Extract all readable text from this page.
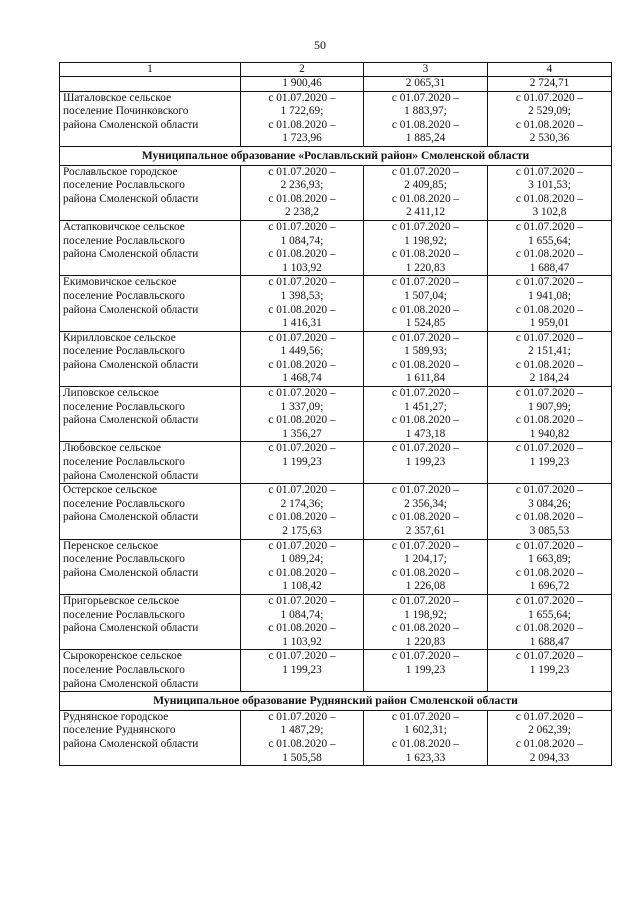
50
1	2	3	4

	1 900,46	2 065,31	2 724,71

Шаталовское сельское
поселение Починковского
района Смоленской области	с 01.07.2020 –
1 722,69;
с 01.08.2020 –
1 723,96	с 01.07.2020 –
1 883,97;
с 01.08.2020 –
1 885,24	с 01.07.2020 –
2 529,09;
с 01.08.2020 –
2 530,36

Муниципальное образование «Рославльский район» Смоленской области			

Рославльское городское
поселение Рославльского
района Смоленской области	с 01.07.2020 –
2 236,93;
с 01.08.2020 –
2 238,2	с 01.07.2020 –
2 409,85;
с 01.08.2020 –
2 411,12	с 01.07.2020 –
3 101,53;
с 01.08.2020 –
3 102,8

Астапковичское сельское
поселение Рославльского
района Смоленской области	с 01.07.2020 –
1 084,74;
с 01.08.2020 –
1 103,92	с 01.07.2020 –
1 198,92;
с 01.08.2020 –
1 220,83	с 01.07.2020 –
1 655,64;
с 01.08.2020 –
1 688,47

Екимовичское сельское
поселение Рославльского
района Смоленской области	с 01.07.2020 –
1 398,53;
с 01.08.2020 –
1 416,31	с 01.07.2020 –
1 507,04;
с 01.08.2020 –
1 524,85	с 01.07.2020 –
1 941,08;
с 01.08.2020 –
1 959,01

Кирилловское сельское
поселение Рославльского
района Смоленской области	с 01.07.2020 –
1 449,56;
с 01.08.2020 –
1 468,74	с 01.07.2020 –
1 589,93;
с 01.08.2020 –
1 611,84	с 01.07.2020 –
2 151,41;
с 01.08.2020 –
2 184,24

Липовское сельское
поселение Рославльского
района Смоленской области	с 01.07.2020 –
1 337,09;
с 01.08.2020 –
1 356,27	с 01.07.2020 –
1 451,27;
с 01.08.2020 –
1 473,18	с 01.07.2020 –
1 907,99;
с 01.08.2020 –
1 940,82

Любовское сельское
поселение Рославльского
района Смоленской области	с 01.07.2020 –
1 199,23	с 01.07.2020 –
1 199,23	с 01.07.2020 –
1 199,23

Остерское сельское
поселение Рославльского
района Смоленской области	с 01.07.2020 –
2 174,36;
с 01.08.2020 –
2 175,63	с 01.07.2020 –
2 356,34;
с 01.08.2020 –
2 357,61	с 01.07.2020 –
3 084,26;
с 01.08.2020 –
3 085,53

Перенское сельское
поселение Рославльского
района Смоленской области	с 01.07.2020 –
1 089,24;
с 01.08.2020 –
1 108,42	с 01.07.2020 –
1 204,17;
с 01.08.2020 –
1 226,08	с 01.07.2020 –
1 663,89;
с 01.08.2020 –
1 696,72

Пригорьевское сельское
поселение Рославльского
района Смоленской области	с 01.07.2020 –
1 084,74;
с 01.08.2020 –
1 103,92	с 01.07.2020 –
1 198,92;
с 01.08.2020 –
1 220,83	с 01.07.2020 –
1 655,64;
с 01.08.2020 –
1 688,47

Сырокоренское сельское
поселение Рославльского
района Смоленской области	с 01.07.2020 –
1 199,23	с 01.07.2020 –
1 199,23	с 01.07.2020 –
1 199,23

Муниципальное образование Руднянский район Смоленской области			

Руднянское городское
поселение Руднянского
района Смоленской области	с 01.07.2020 –
1 487,29;
с 01.08.2020 –
1 505,58	с 01.07.2020 –
1 602,31;
с 01.08.2020 –
1 623,33	с 01.07.2020 –
2 062,39;
с 01.08.2020 –
2 094,33
